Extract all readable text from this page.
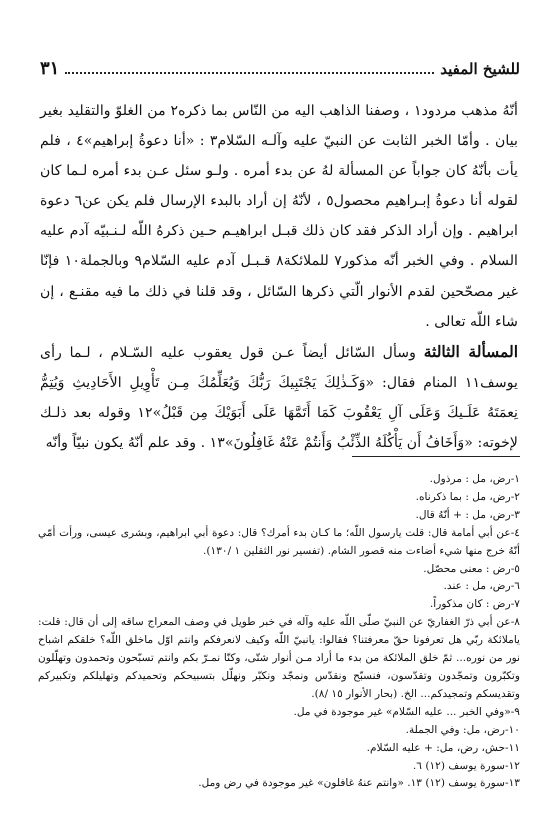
للشيخ المفيد
٣١

أنّهُ مذهب مردود١ ، وصفنا الذاهب اليه من النّاس بما ذكره٢ من الغلوّ والتقليد بغير بيان . وأمّا الخبر الثابت عن النبيّ عليه وآلـه السّلام٣ : «أنا دعوةُ إبراهيم»٤ ، فلم يأت بأنّهُ كان جواباً عن المسألة لهُ عن بدء أمره . ولـو سئل عـن بدء أمره لـما كان لقوله أنا دعوةُ إبـراهيم محصول٥ ، لأنّهُ إن أراد بالبدء الإرسال فلم يكن عن٦ دعوة ابراهيم . وإن أراد الذكر فقد كان ذلك قبـل ابراهيـم حـين ذكرهُ اللّه لـنـبيّه آدم عليه السلام . وفي الخبر أنّه مذكور٧ للملائكة٨ قـبـل آدم عليه السّلام٩ وبالجملة١٠ فإنّا غير مصحّحين لقدم الأنوار الّتي ذكرها السّائل ، وقد قلنا في ذلك ما فيه مقنـع ، إن شاء اللّه تعالى .

المسألة الثالثة وسأل السّائل أيضاً عـن قول يعقوب عليه السّـلام ، لـما رأى يوسف١١ المنام فقال: «وَكَـذٰلِكَ يَجْتَبِيكَ رَبُّكَ وَيُعَلِّمُكَ مِـن تَأْوِيلِ الأَحَادِيثِ وَيُتِمُّ نِعمَتَهُ عَلَـيكَ وَعَلَى آلِ يَعْقُوبَ كَمَا أَتَمَّهَا عَلَى أَبَوَيْكَ مِن قَبْلُ»١٢ وقوله بعد ذلـك لإخوته: «وَأَخَافُ أَن يَأْكُلَهُ الذِّئْبُ وَأَنتُمْ عَنْهُ غَافِلُونَ»١٣ . وقد علم أنّهُ يكون نبيّاً وأنّه

١-رض، مل : مرذول.
٢-رض، مل : بما ذكرناه.
٣-رض، مل : + أنّهُ قال.
٤-عن أبي أمامة قال: قلت يارسول اللّه؛ ما كـان بدء أمرك؟ قال: دعوة أبي ابراهيم، وبشرى عيسى، ورأت أمّي أنّهُ خرج منها شيء أضاءت منه قصور الشام. (تفسير نور الثقلين ١ /١٣٠).
٥-رض : معنى محصّل.
٦-رض، مل : عند.
٧-رض : كان مذكوراً.
٨-عن أبي ذرّ الغفاريّ عن النبيّ صلّى اللّه عليه وآله في خبر طويل في وصف المعراج ساقه إلى أن قال: قلت: ياملائكة ربّي هل تعرفونا حقّ معرفتنا؟ فقالوا: يانبيّ اللّه وكيف لانعرفكم وانتم اوّل ماخلق اللّه؟ خلقكم اشباح نور من نوره... ثمّ خلق الملائكة من بدء ما أراد مـن أنوار شتّى، وكنّا نمـرّ بكم وانتم تسبّحون وتحمدون وتهلّلون وتكبّرون وتمجّدون وتقدّسون، فنسبّح ونقدّس ونمجّد ونكبّر ونهلّل بتسبيحكم وتحميدكم وتهليلكم وتكبيركم وتقديسكم وتمجيدكم... الخ. (بحار الأنوار ١٥ /٨).
٩-«وفي الخبر ... عليه السّلام» غير موجودة في مل.
١٠-رض، مل: وفي الجملة.
١١-حش، رض، مل: + عليه السّلام.
١٢-سورة يوسف (١٢) ٦.
١٣-سورة يوسف (١٢) ١٣. «وانتم عنهُ غافلون» غير موجودة في رض ومل.
